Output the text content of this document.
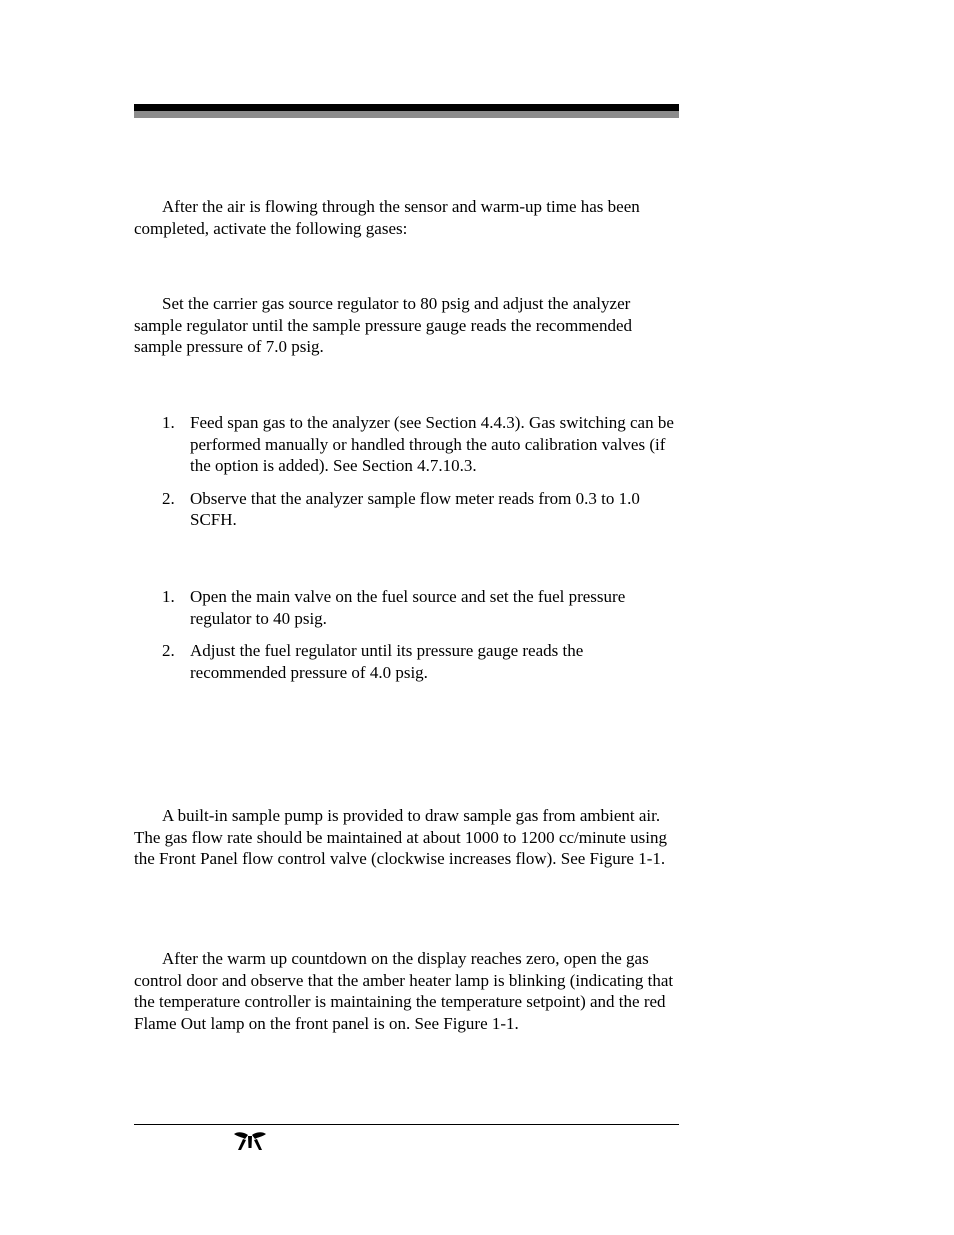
After the air is flowing through the sensor and warm-up time has been completed, activate the following gases:

Set the carrier gas source regulator to 80 psig and adjust the analyzer sample regulator until the sample pressure gauge reads the recommended sample pressure of 7.0 psig.

1. Feed span gas to the analyzer (see Section 4.4.3). Gas switching can be performed manually or handled through the auto calibration valves (if the option is added). See Section 4.7.10.3.
2. Observe that the analyzer sample flow meter reads from 0.3 to 1.0 SCFH.
1. Open the main valve on the fuel source and set the fuel pressure regulator to 40 psig.
2. Adjust the fuel regulator until its pressure gauge reads the recommended pressure of 4.0 psig.

A built-in sample pump is provided to draw sample gas from ambient air. The gas flow rate should be maintained at about 1000 to 1200 cc/minute using the Front Panel flow control valve (clockwise increases flow). See Figure 1-1.

After the warm up countdown on the display reaches zero, open the gas control door and observe that the amber heater lamp is blinking (indicating that the temperature controller is maintaining the temperature setpoint) and the red Flame Out lamp on the front panel is on. See Figure 1-1.
